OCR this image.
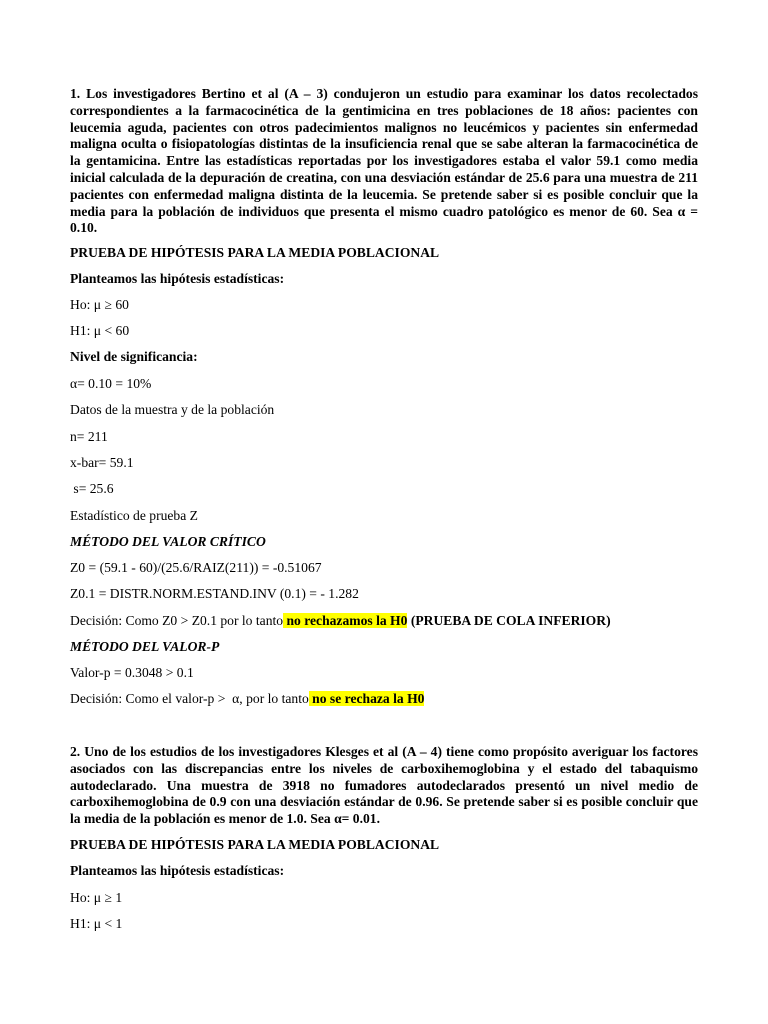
1. Los investigadores Bertino et al (A – 3) condujeron un estudio para examinar los datos recolectados correspondientes a la farmacocinética de la gentimicina en tres poblaciones de 18 años: pacientes con leucemia aguda, pacientes con otros padecimientos malignos no leucémicos y pacientes sin enfermedad maligna oculta o fisiopatologías distintas de la insuficiencia renal que se sabe alteran la farmacocinética de la gentamicina. Entre las estadísticas reportadas por los investigadores estaba el valor 59.1 como media inicial calculada de la depuración de creatina, con una desviación estándar de 25.6 para una muestra de 211 pacientes con enfermedad maligna distinta de la leucemia. Se pretende saber si es posible concluir que la media para la población de individuos que presenta el mismo cuadro patológico es menor de 60. Sea α = 0.10.

PRUEBA DE HIPÓTESIS PARA LA MEDIA POBLACIONAL

Planteamos las hipótesis estadísticas:

Ho: μ ≥ 60

H1: μ < 60

Nivel de significancia:

α= 0.10 = 10%

Datos de la muestra y de la población

n= 211

x-bar= 59.1

s= 25.6

Estadístico de prueba Z

MÉTODO DEL VALOR CRÍTICO

Z0 = (59.1 - 60)/(25.6/RAIZ(211)) = -0.51067

Z0.1 = DISTR.NORM.ESTAND.INV (0.1) = - 1.282

Decisión: Como Z0 > Z0.1 por lo tanto no rechazamos la H0 (PRUEBA DE COLA INFERIOR)

MÉTODO DEL VALOR-P

Valor-p = 0.3048 > 0.1

Decisión: Como el valor-p >  α, por lo tanto no se rechaza la H0

2. Uno de los estudios de los investigadores Klesges et al (A – 4) tiene como propósito averiguar los factores asociados con las discrepancias entre los niveles de carboxihemoglobina y el estado del tabaquismo autodeclarado. Una muestra de 3918 no fumadores autodeclarados presentó un nivel medio de carboxihemoglobina de 0.9 con una desviación estándar de 0.96. Se pretende saber si es posible concluir que la media de la población es menor de 1.0. Sea α= 0.01.

PRUEBA DE HIPÓTESIS PARA LA MEDIA POBLACIONAL

Planteamos las hipótesis estadísticas:

Ho: μ ≥ 1

H1: μ < 1
